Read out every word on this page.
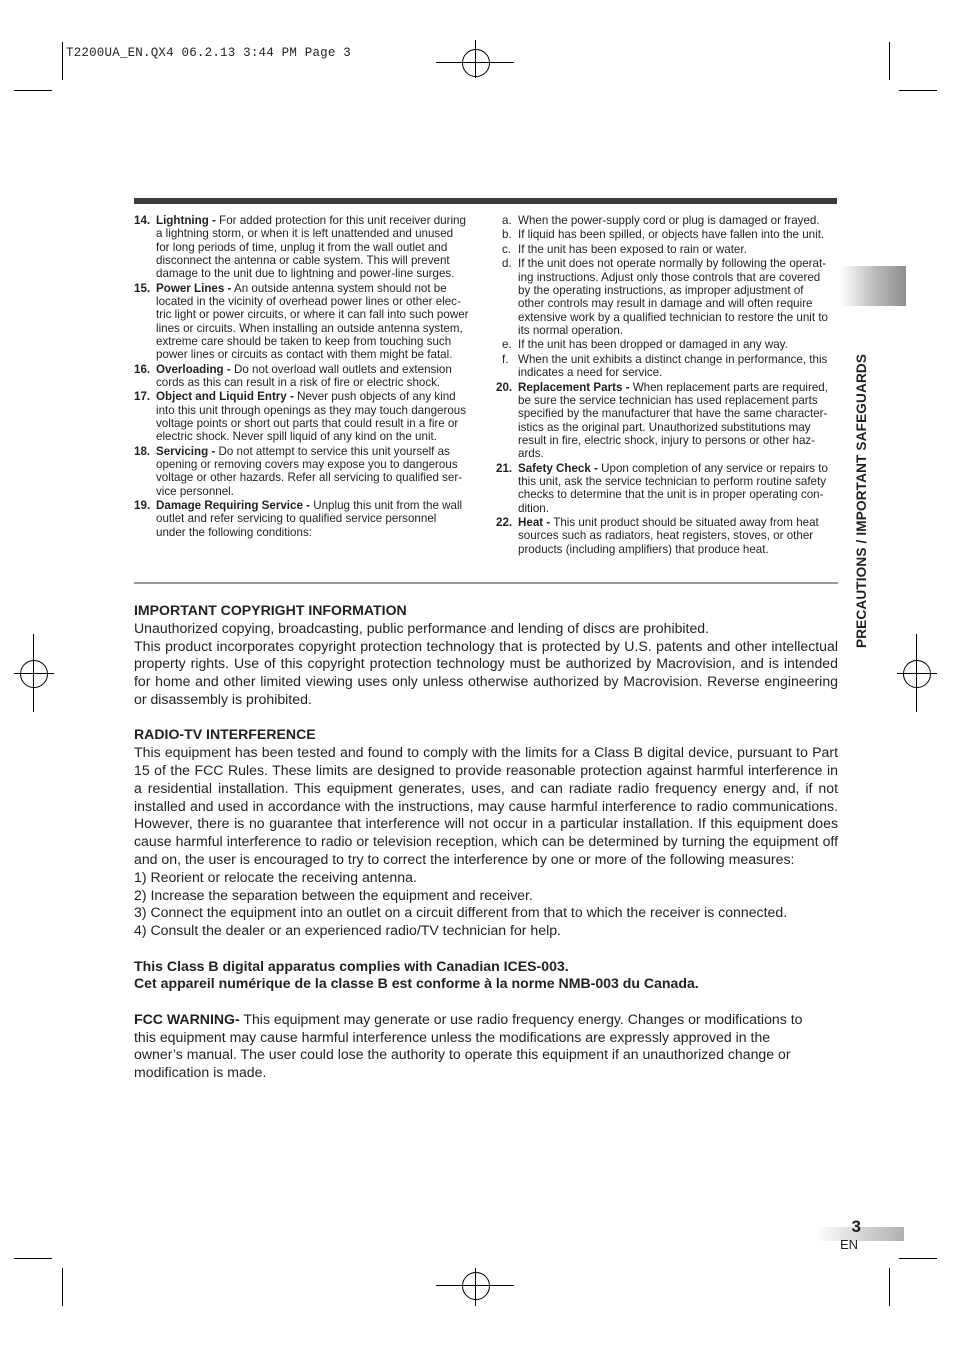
T2200UA_EN.QX4 06.2.13 3:44 PM Page 3
14. Lightning - For added protection for this unit receiver during
a lightning storm, or when it is left unattended and unused
for long periods of time, unplug it from the wall outlet and
disconnect the antenna or cable system. This will prevent
damage to the unit due to lightning and power-line surges.
15. Power Lines - An outside antenna system should not be
located in the vicinity of overhead power lines or other elec-
tric light or power circuits, or where it can fall into such power
lines or circuits. When installing an outside antenna system,
extreme care should be taken to keep from touching such
power lines or circuits as contact with them might be fatal.
16. Overloading - Do not overload wall outlets and extension
cords as this can result in a risk of fire or electric shock.
17. Object and Liquid Entry - Never push objects of any kind
into this unit through openings as they may touch dangerous
voltage points or short out parts that could result in a fire or
electric shock. Never spill liquid of any kind on the unit.
18. Servicing - Do not attempt to service this unit yourself as
opening or removing covers may expose you to dangerous
voltage or other hazards. Refer all servicing to qualified ser-
vice personnel.
19. Damage Requiring Service - Unplug this unit from the wall
outlet and refer servicing to qualified service personnel
under the following conditions:
a. When the power-supply cord or plug is damaged or frayed.
b. If liquid has been spilled, or objects have fallen into the unit.
c. If the unit has been exposed to rain or water.
d. If the unit does not operate normally by following the operat-
ing instructions. Adjust only those controls that are covered
by the operating instructions, as improper adjustment of
other controls may result in damage and will often require
extensive work by a qualified technician to restore the unit to
its normal operation.
e. If the unit has been dropped or damaged in any way.
f. When the unit exhibits a distinct change in performance, this
indicates a need for service.
20. Replacement Parts - When replacement parts are required,
be sure the service technician has used replacement parts
specified by the manufacturer that have the same character-
istics as the original part. Unauthorized substitutions may
result in fire, electric shock, injury to persons or other haz-
ards.
21. Safety Check - Upon completion of any service or repairs to
this unit, ask the service technician to perform routine safety
checks to determine that the unit is in proper operating con-
dition.
22. Heat - This unit product should be situated away from heat
sources such as radiators, heat registers, stoves, or other
products (including amplifiers) that produce heat.	PRECAUTIONS / IMPORTANT SAFEGUARDS

IMPORTANT COPYRIGHT INFORMATION

Unauthorized copying, broadcasting, public performance and lending of discs are prohibited.

This product incorporates copyright protection technology that is protected by U.S. patents and other intellectual property rights. Use of this copyright protection technology must be authorized by Macrovision, and is intended for home and other limited viewing uses only unless otherwise authorized by Macrovision. Reverse engineering or disassembly is prohibited.

RADIO-TV INTERFERENCE

This equipment has been tested and found to comply with the limits for a Class B digital device, pursuant to Part 15 of the FCC Rules. These limits are designed to provide reasonable protection against harmful interference in a residential installation. This equipment generates, uses, and can radiate radio frequency energy and, if not installed and used in accordance with the instructions, may cause harmful interference to radio communications. However, there is no guarantee that interference will not occur in a particular installation. If this equipment does cause harmful interference to radio or television reception, which can be determined by turning the equipment off and on, the user is encouraged to try to correct the interference by one or more of the following measures:

1) Reorient or relocate the receiving antenna.

2) Increase the separation between the equipment and receiver.

3) Connect the equipment into an outlet on a circuit different from that to which the receiver is connected.

4) Consult the dealer or an experienced radio/TV technician for help.

This Class B digital apparatus complies with Canadian ICES-003.

Cet appareil numérique de la classe B est conforme à la norme NMB-003 du Canada.

FCC WARNING- This equipment may generate or use radio frequency energy. Changes or modifications to
this equipment may cause harmful interference unless the modifications are expressly approved in the
owner’s manual. The user could lose the authority to operate this equipment if an unauthorized change or
modification is made.

3
EN
